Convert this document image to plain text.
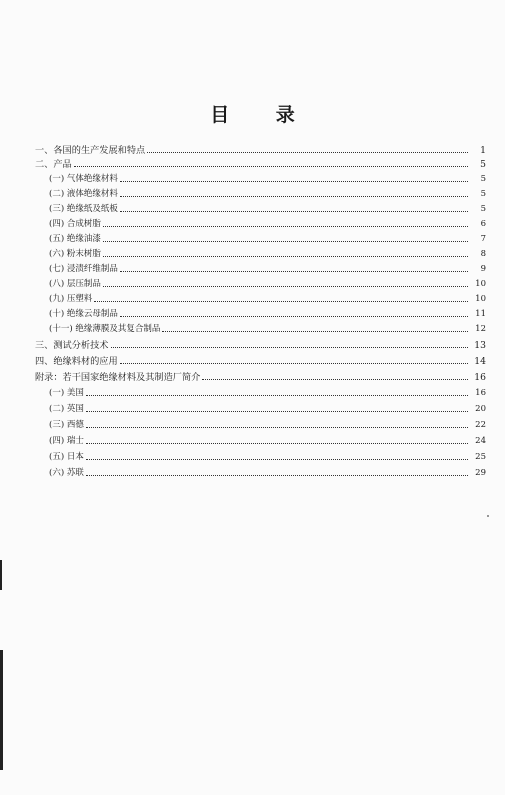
目 录
一、各国的生产发展和特点	1
二、产品	5
(一) 气体绝缘材料	5
(二) 液体绝缘材料	5
(三) 绝缘纸及纸板	5
(四) 合成树脂	6
(五) 绝缘油漆	7
(六) 粉末树脂	8
(七) 浸渍纤维制品	9
(八) 层压制品	10
(九) 压塑料	10
(十) 绝缘云母制品	11
(十一) 绝缘薄膜及其复合制品	12
三、测试分析技术	13
四、绝缘料材的应用	14
附录：若干国家绝缘材料及其制造厂简介	16
(一) 美国	16
(二) 英国	20
(三) 西德	22
(四) 瑞士	24
(五) 日本	25
(六) 苏联	29
